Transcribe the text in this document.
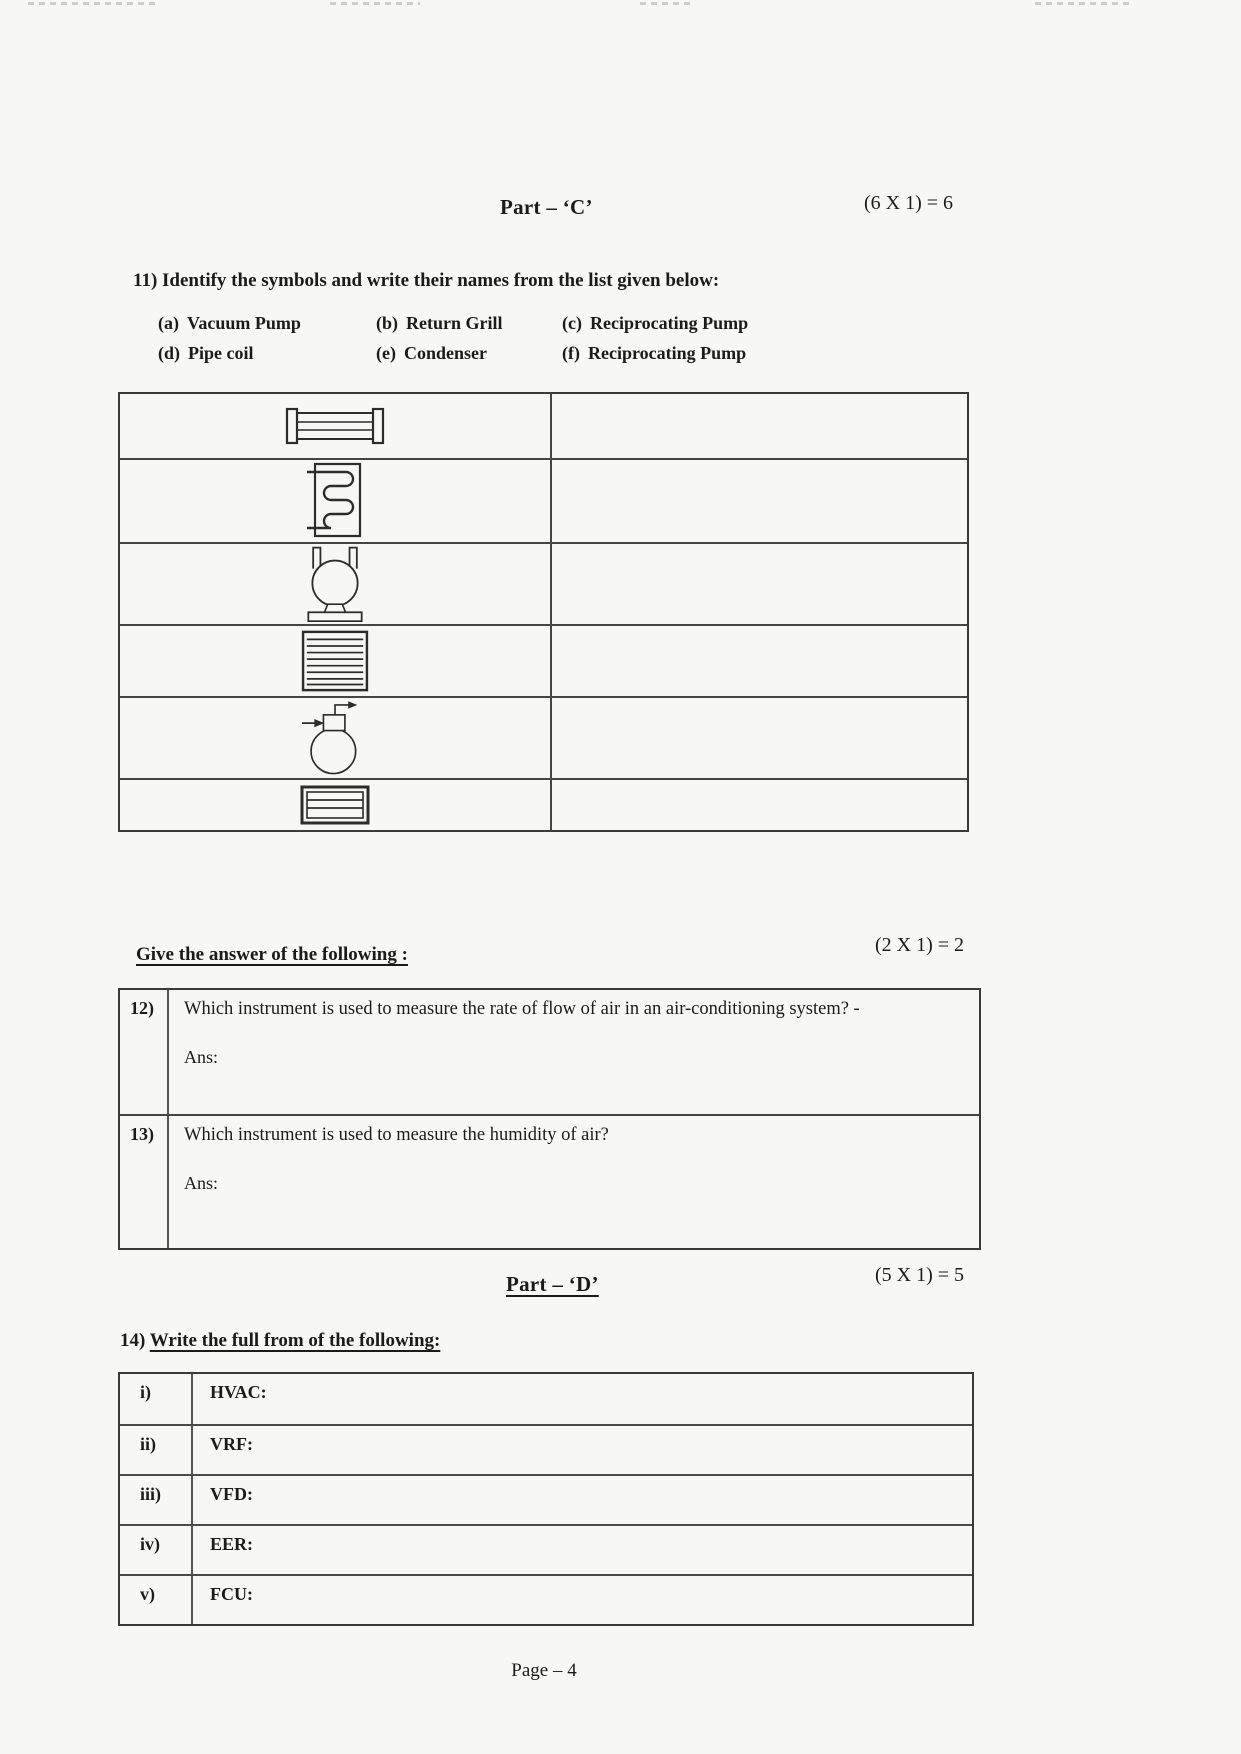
Part – ‘C’	(6 X 1) = 6
11) Identify the symbols and write their names from the list given below:
(a) Vacuum Pump	(b) Return Grill	(c) Reciprocating Pump
(d) Pipe coil	(e) Condenser	(f) Reciprocating Pump
Give the answer of the following :	(2 X 1) = 2
12)	Which instrument is used to measure the rate of flow of air in an air-conditioning system? -
Ans:
13)	Which instrument is used to measure the humidity of air?
Ans:
Part – ‘D’	(5 X 1) = 5
14) Write the full from of the following:
i)	HVAC:
ii)	VRF:
iii)	VFD:
iv)	EER:
v)	FCU:
Page – 4
